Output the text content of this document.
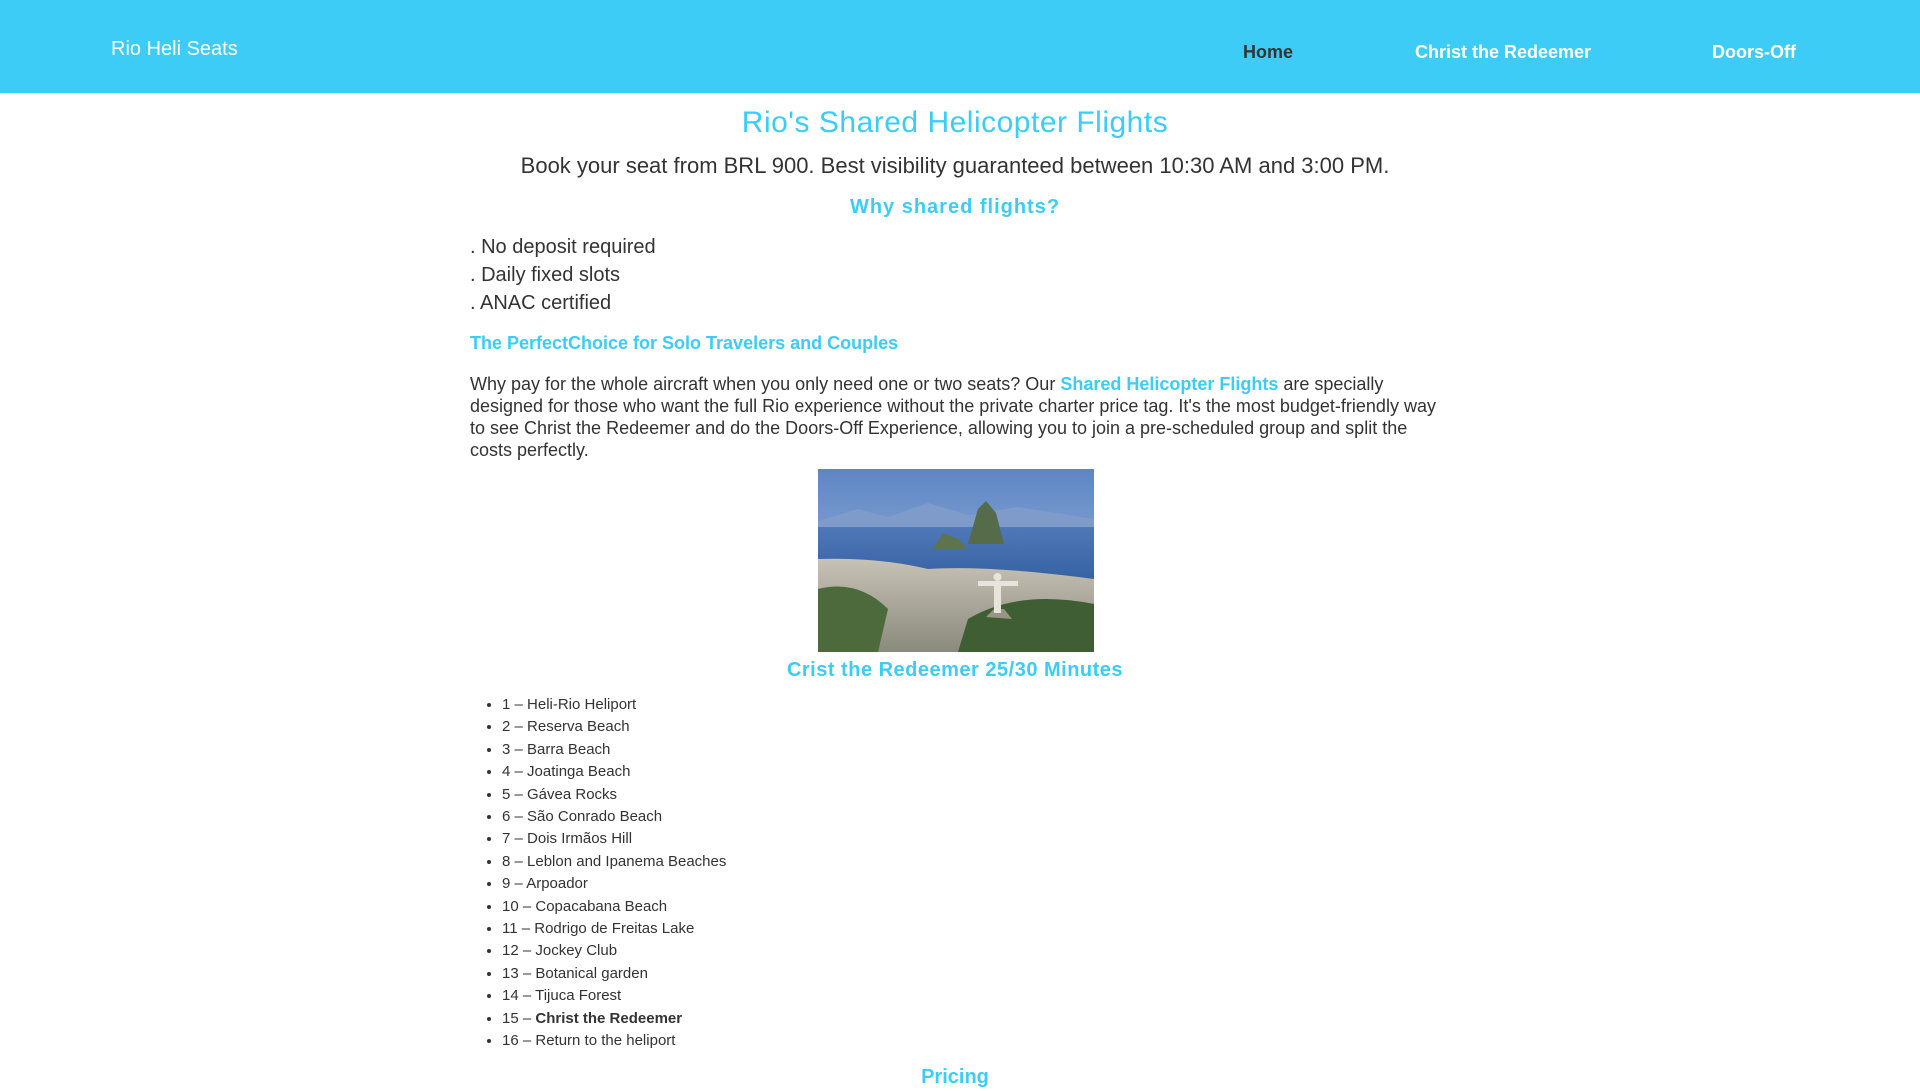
Rio Heli Seats	Home	Christ the Redeemer	Doors-Off
Rio's Shared Helicopter Flights

Book your seat from BRL 900. Best visibility guaranteed between 10:30 AM and 3:00 PM.

Why shared flights?
. No deposit required
. Daily fixed slots
. ANAC certified
The PerfectChoice for Solo Travelers and Couples

Why pay for the whole aircraft when you only need one or two seats? Our Shared Helicopter Flights are specially designed for those who want the full Rio experience without the private charter price tag. It's the most budget-friendly way to see Christ the Redeemer and do the Doors-Off Experience, allowing you to join a pre-scheduled group and split the costs perfectly.

Crist the Redeemer 25/30 Minutes
• 1 – Heli-Rio Heliport
• 2 – Reserva Beach
• 3 – Barra Beach
• 4 – Joatinga Beach
• 5 – Gávea Rocks
• 6 – São Conrado Beach
• 7 – Dois Irmãos Hill
• 8 – Leblon and Ipanema Beaches
• 9 – Arpoador
• 10 – Copacabana Beach
• 11 – Rodrigo de Freitas Lake
• 12 – Jockey Club
• 13 – Botanical garden
• 14 – Tijuca Forest
• 15 – Christ the Redeemer
• 16 – Return to the heliport
Pricing
